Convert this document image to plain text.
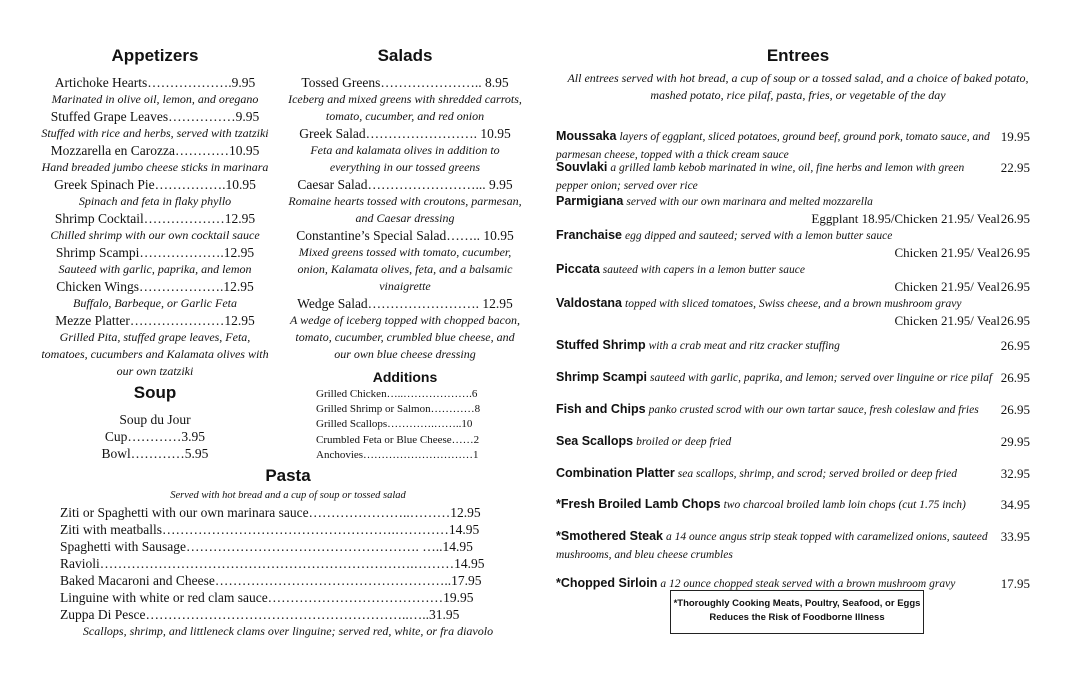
Appetizers
Artichoke Hearts……………….9.95
Marinated in olive oil, lemon, and oregano
Stuffed Grape Leaves……………9.95
Stuffed with rice and herbs, served with tzatziki
Mozzarella en Carozza…………10.95
Hand breaded jumbo cheese sticks in marinara
Greek Spinach Pie…………….10.95
Spinach and feta in flaky phyllo
Shrimp Cocktail………………12.95
Chilled shrimp with our own cocktail sauce
Shrimp Scampi……………….12.95
Sauteed with garlic, paprika, and lemon
Chicken Wings……………….12.95
Buffalo, Barbeque, or Garlic Feta
Mezze Platter…………………12.95
Grilled Pita, stuffed grape leaves, Feta, tomatoes, cucumbers and Kalamata olives with our own tzatziki
Salads
Tossed Greens………………….. 8.95
Iceberg and mixed greens with shredded carrots, tomato, cucumber, and red onion
Greek Salad……………………. 10.95
Feta and kalamata olives in addition to everything in our tossed greens
Caesar Salad……………………... 9.95
Romaine hearts tossed with croutons, parmesan, and Caesar dressing
Constantine’s Special Salad…….. 10.95
Mixed greens tossed with tomato, cucumber, onion, Kalamata olives, feta, and a balsamic vinaigrette
Wedge Salad……………………. 12.95
A wedge of iceberg topped with chopped bacon, tomato, cucumber, crumbled blue cheese, and our own blue cheese dressing
Soup
Soup du Jour
Cup…………3.95
Bowl…………5.95
Additions
Grilled Chicken…..……………….6
Grilled Shrimp or Salmon…………8
Grilled Scallops………….……..10
Crumbled Feta or Blue Cheese……2
Anchovies…………………………1
Pasta
Served with hot bread and a cup of soup or tossed salad
Ziti or Spaghetti with our own marinara sauce…………………..………12.95
Ziti with meatballs…………………………………………….…………14.95
Spaghetti with Sausage……………………………………………. …..14.95
Ravioli…………………………………………………………….………14.95
Baked Macaroni and Cheese……………………………………………..17.95
Linguine with white or red clam sauce…………………………………19.95
Zuppa Di Pesce…………………………………………………..…..31.95
Scallops, shrimp, and littleneck clams over linguine; served red, white, or fra diavolo
Entrees
All entrees served with hot bread, a cup of soup or a tossed salad, and a choice of baked potato, mashed potato, rice pilaf, pasta, fries, or vegetable of the day
Moussaka layers of eggplant, sliced potatoes, ground beef, ground pork, tomato sauce, and parmesan cheese, topped with a thick cream sauce
19.95
Souvlaki a grilled lamb kebob marinated in wine, oil, fine herbs and lemon with green pepper onion; served over rice
22.95
Parmigiana served with our own marinara and melted mozzarella
Eggplant 18.95/Chicken 21.95/ Veal 26.95
Franchaise egg dipped and sauteed; served with a lemon butter sauce
Chicken 21.95/ Veal 26.95
Piccata sauteed with capers in a lemon butter sauce
Chicken 21.95/ Veal 26.95
Valdostana topped with sliced tomatoes, Swiss cheese, and a brown mushroom gravy
Chicken 21.95/ Veal 26.95
Stuffed Shrimp with a crab meat and ritz cracker stuffing	26.95
Shrimp Scampi sauteed with garlic, paprika, and lemon; served over linguine or rice pilaf 26.95
Fish and Chips panko crusted scrod with our own tartar sauce, fresh coleslaw and fries	26.95
Sea Scallops broiled or deep fried	29.95
Combination Platter sea scallops, shrimp, and scrod; served broiled or deep fried	32.95
*Fresh Broiled Lamb Chops two charcoal broiled lamb loin chops (cut 1.75 inch)	34.95
*Smothered Steak a 14 ounce angus strip steak topped with caramelized onions, sauteed mushrooms, and bleu cheese crumbles
33.95
*Chopped Sirloin a 12 ounce chopped steak served with a brown mushroom gravy	17.95
*Thoroughly Cooking Meats, Poultry, Seafood, or Eggs
Reduces the Risk of Foodborne Illness
